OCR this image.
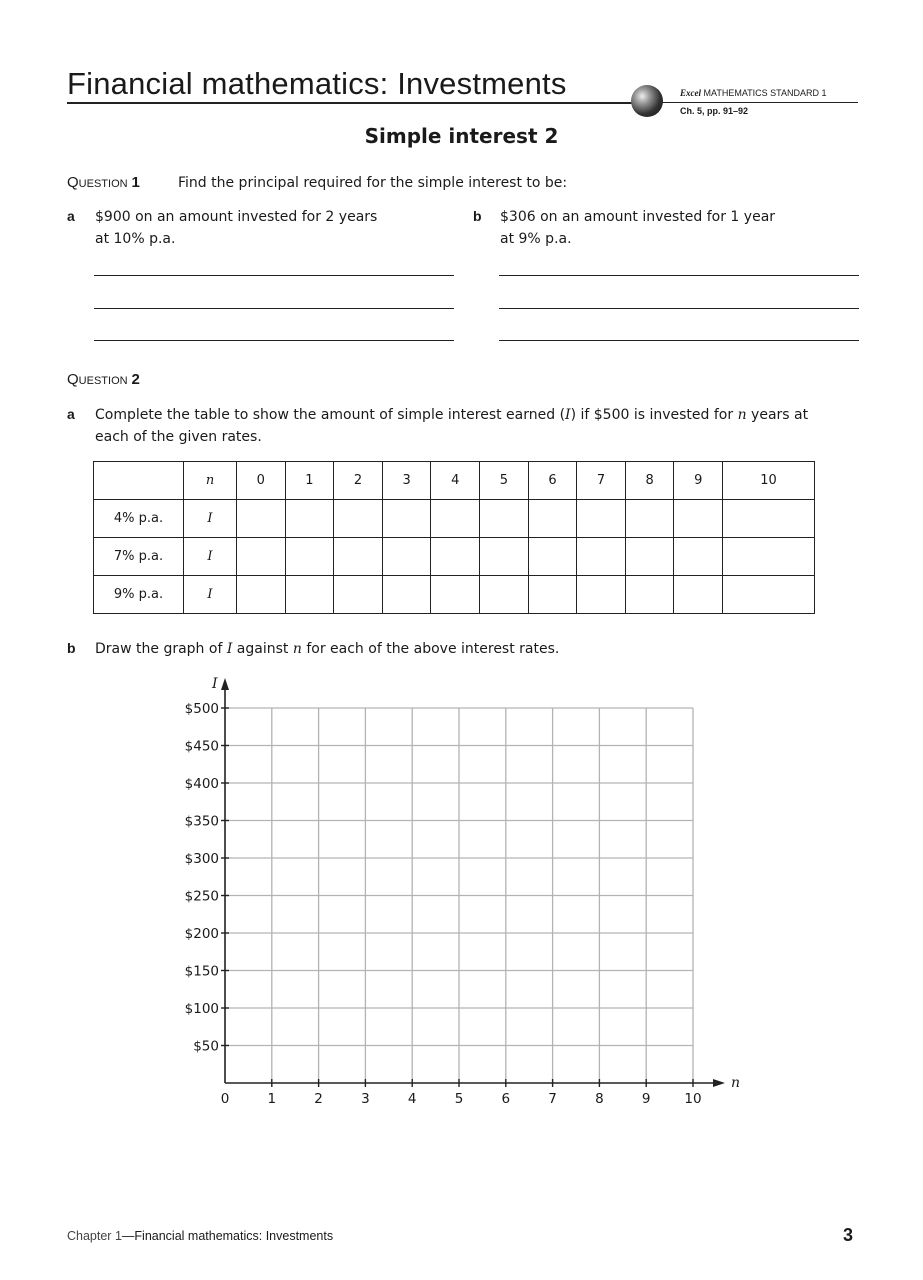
Financial mathematics: Investments	Excel MATHEMATICS STANDARD 1
Ch. 5, pp. 91–92
Simple interest 2
QUESTION 1	Find the principal required for the simple interest to be:
a $900 on an amount invested for 2 years
at 10% p.a.
b $306 on an amount invested for 1 year
at 9% p.a.
QUESTION 2
a Complete the table to show the amount of simple interest earned (I) if $500 is invested for n years at
each of the given rates.
	n	0	1	2	3	4	5	6	7	8	9	10
4% p.a.	I											
7% p.a.	I											
9% p.a.	I											
b Draw the graph of I against n for each of the above interest rates.
$50
$100
$150
$200
$250
$300
$350
$400
$450
$500
0	1	2	3	4	5	6	7	8	9	10
I
n
Chapter 1—Financial mathematics: Investments	3
